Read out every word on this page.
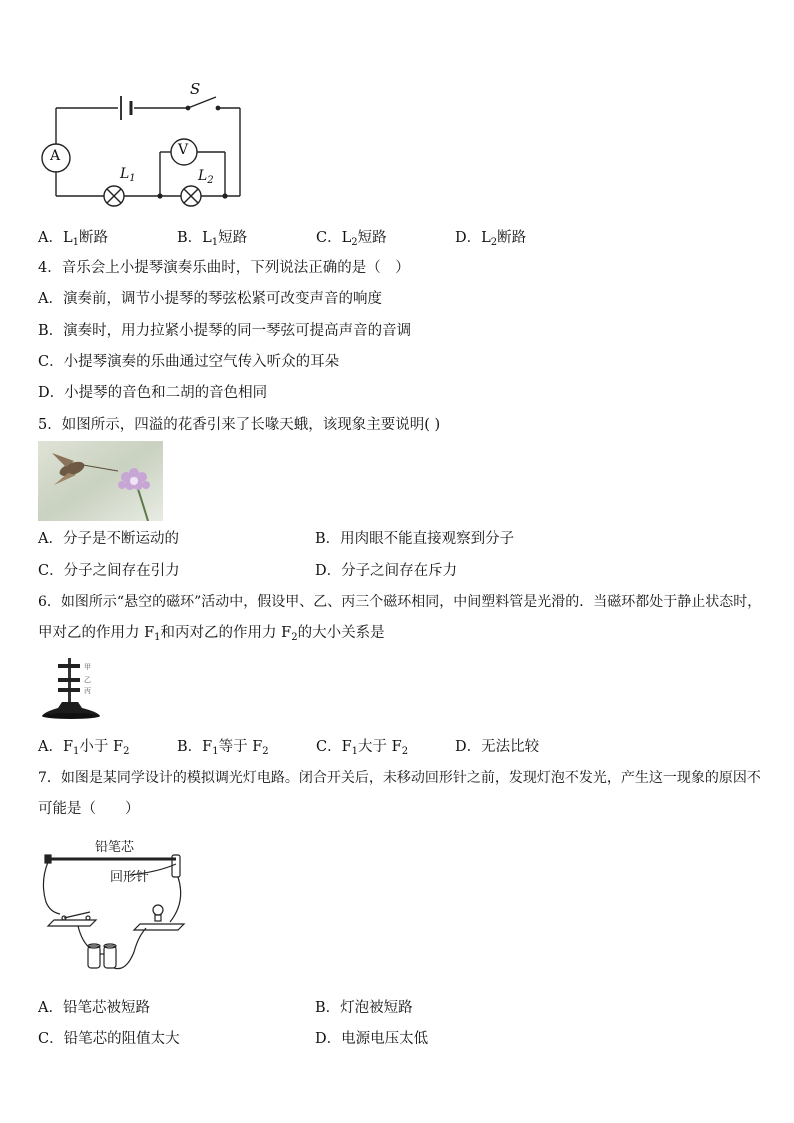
S
A	V
$L_1$	$L_2$
A．$L_1$断路	B．$L_1$短路	C．$L_2$短路	D．$L_2$断路
4．音乐会上小提琴演奏乐曲时，下列说法正确的是（　）
A．演奏前，调节小提琴的琴弦松紧可改变声音的响度
B．演奏时，用力拉紧小提琴的同一琴弦可提高声音的音调
C．小提琴演奏的乐曲通过空气传入听众的耳朵
D．小提琴的音色和二胡的音色相同
5．如图所示，四溢的花香引来了长喙天蛾，该现象主要说明( )
A．分子是不断运动的	B．用肉眼不能直接观察到分子
C．分子之间存在引力	D．分子之间存在斥力
6．如图所示“悬空的磁环”活动中，假设甲、乙、丙三个磁环相同，中间塑料管是光滑的．当磁环都处于静止状态时，
甲对乙的作用力 $F_1$和丙对乙的作用力 $F_2$的大小关系是
甲
乙
丙
A．$F_1$小于 $F_2$	B．$F_1$等于 $F_2$	C．$F_1$大于 $F_2$	D．无法比较
7．如图是某同学设计的模拟调光灯电路。闭合开关后，未移动回形针之前，发现灯泡不发光，产生这一现象的原因不
可能是（　　）
铅笔芯
回形针
A．铅笔芯被短路	B．灯泡被短路
C．铅笔芯的阻值太大	D．电源电压太低
